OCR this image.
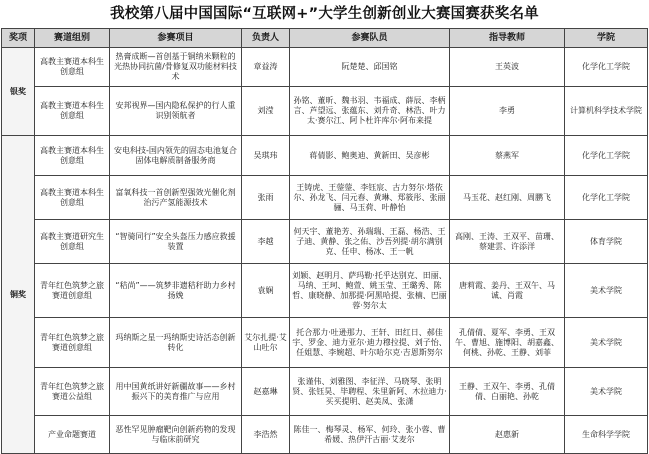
我校第八届中国国际“互联网+”大学生创新创业大赛国赛获奖名单
奖项	赛道组别	参赛项目	负责人	参赛队员	指导教师	学院
银奖	高教主赛道本科生创意组	热膏成断—首创基于铜纳米颗粒的光热协同抗菌/骨修复双功能材料技术	章益涛	阮楚楚、邱国铭	王英波	化学化工学院
	高教主赛道本科生创意组	安邦视界—国内隐私保护的行人重识别领航者	刘滢	孙铭、董昕、魏书羽、韦福成、薛辰、李柄言、芦望远、张蕴东、刘升奇、林浩、叶力太·赛尔江、阿卜杜许库尔·阿布来提	李勇	计算机科学技术学院
铜奖	高教主赛道本科生创意组	安电科技-国内领先的固态电池复合固体电解质制备服务商	吴琪玮	蒋倩影、鲍奥迪、黄新田、吴彦彬	蔡燕军	化学化工学院
	高教主赛道本科生创意组	富氧科技一首创新型强效光催化剂治污产氢能源技术	张雨	王铸虎、王蓥蓥、李钰宸、古力努尔·塔依尔、孙龙飞、闫元春、黄琳、郑筱彤、张丽骊、马玉荷、叶静怡	马玉花、赵红刚、周鹏飞	化学化工学院
	高教主赛道研究生创意组	“智骑同行”安全头盔压力感应救援装置	李越	何天宇、董艳芳、孙瑞瑞、王磊、杨浩、王子迪、黄静、张之佑、沙吾列提·胡尔满别克、任申、杨冰、王一帆	高刚、王涛、王双平、苗珊、蔡建雲、许添洋	体育学院
	青年红色筑梦之旅赛道创意组	“秸尚”——筑梦非遗秸秆助力乡村扬娩	袁娴	刘颖、赵明月、萨玛勒·托乎达别克、田丽、马纳、王珂、鲍萱、姚玉莹、王璐秀、陈哲、康晓静、加那提·阿黑哈提、张楠、巴丽蓉·努尔太	唐莉霞、姜丹、王双午、马诚、肖霞	美术学院
	青年红色筑梦之旅赛道创意组	玛纳斯之星一玛纳斯史诗活态创新转化	艾尔扎提·艾山吐尔	托合那力·吐逊那力、王轩、田红日、郝佳宇、罗金、迪力亚尔·迪力穆拉提、刘子怡、任姐慧、李婉超、叶尔哈尔克·吉恩斯努尔	孔倩倩、夏军、李勇、王双午、曹旭、施博阳、胡嘉鑫、何桃、孙乾、王静、刘菲	美术学院
	青年红色筑梦之旅赛道公益组	用中国黄纸讲好新疆故事——乡村振兴下的美育推广与应用	赵嘉琳	张谨伟、刘雅图、李征洋、马晓琴、张明贤、张钰昊、毕聘程、朱里新阿、木拉迪力·买买提明、赵美凤、张潇	王静、王双午、李勇、孔倩倩、白丽艳、孙乾	美术学院
	产业命题赛道	恶性罕见肿瘤靶向创新药物的发现与临床前研究	李浩然	陈佳一、梅琴灵、杨军、何玲、张小蓉、曹希媛、热伊汗古丽·艾麦尔	赵惠新	生命科学学院
